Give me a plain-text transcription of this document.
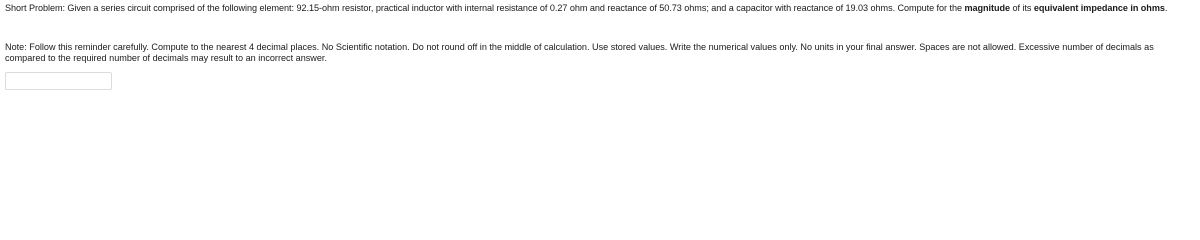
Short Problem: Given a series circuit comprised of the following element: 92.15-ohm resistor, practical inductor with internal resistance of 0.27 ohm and reactance of 50.73 ohms; and a capacitor with reactance of 19.03 ohms. Compute for the magnitude of its equivalent impedance in ohms.
Note: Follow this reminder carefully. Compute to the nearest 4 decimal places. No Scientific notation. Do not round off in the middle of calculation. Use stored values. Write the numerical values only. No units in your final answer. Spaces are not allowed. Excessive number of decimals as compared to the required number of decimals may result to an incorrect answer.
